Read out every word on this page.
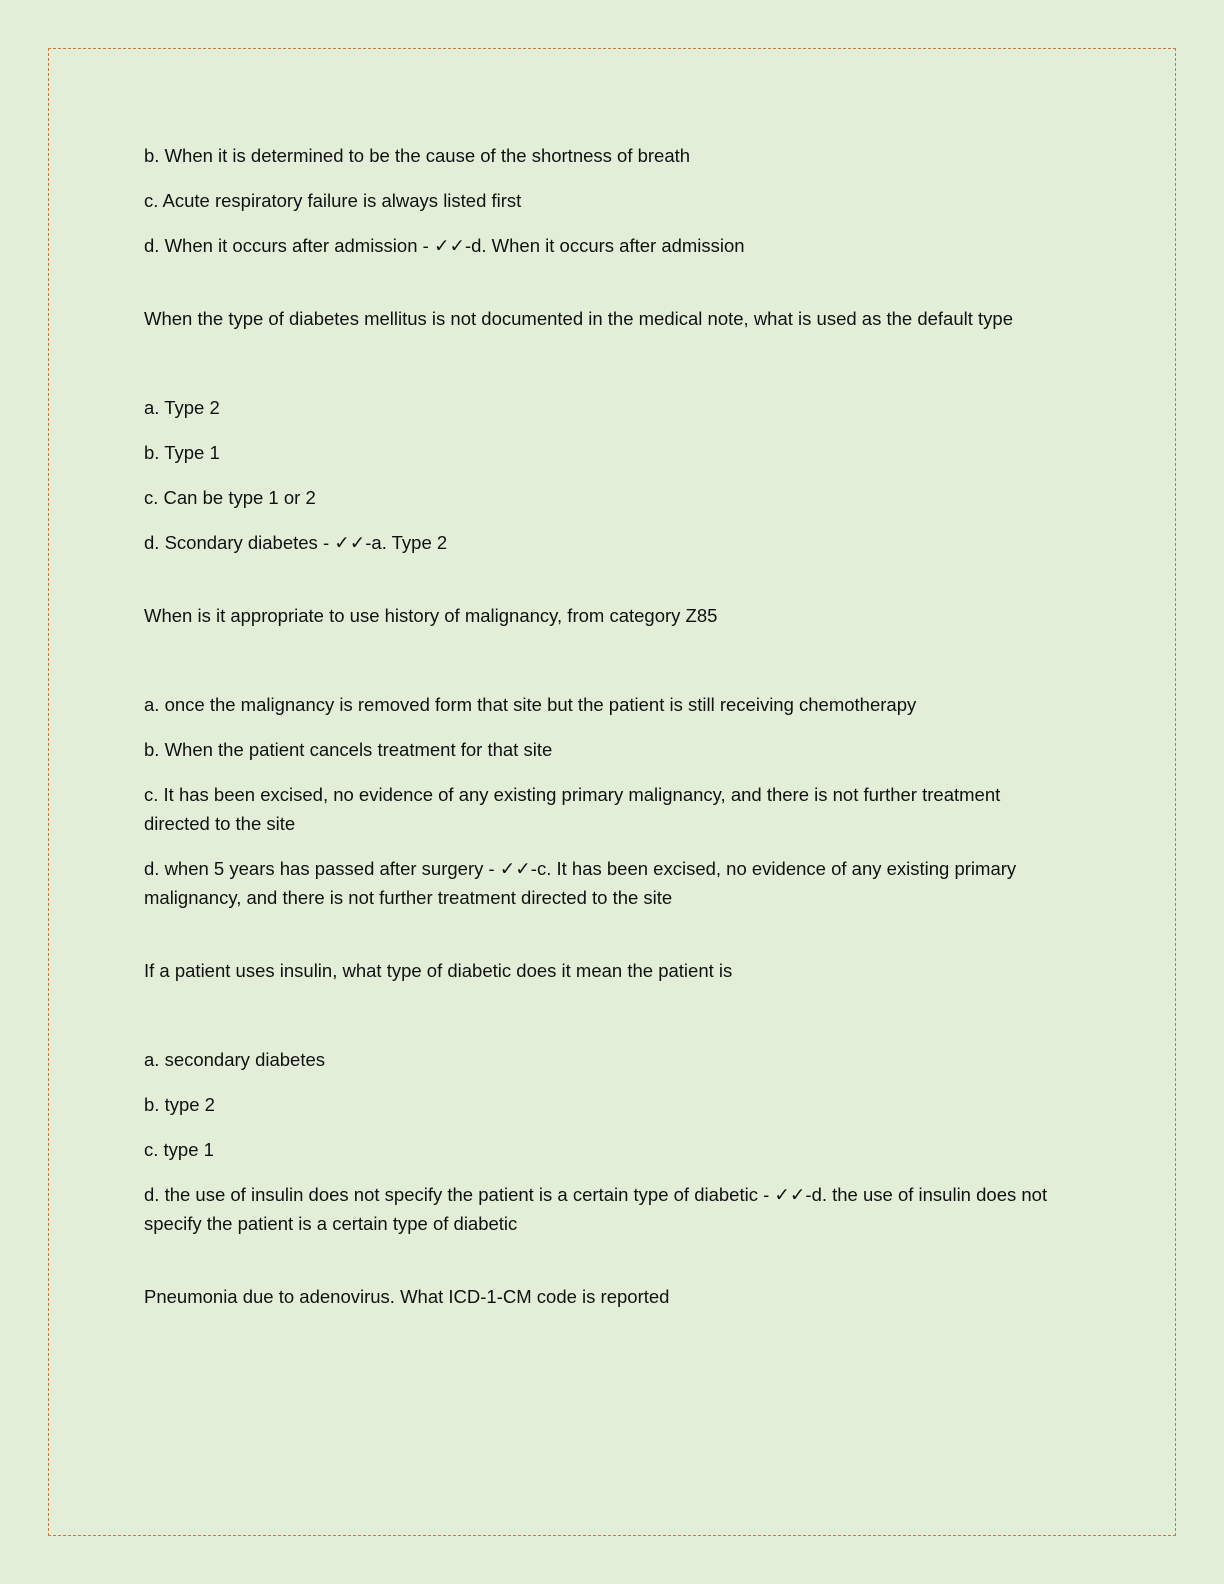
b. When it is determined to be the cause of the shortness of breath

c. Acute respiratory failure is always listed first

d. When it occurs after admission - ✓✓-d. When it occurs after admission

When the type of diabetes mellitus is not documented in the medical note, what is used as the default type

a. Type 2

b. Type 1

c. Can be type 1 or 2

d. Scondary diabetes - ✓✓-a. Type 2

When is it appropriate to use history of malignancy, from category Z85

a. once the malignancy is removed form that site but the patient is still receiving chemotherapy

b. When the patient cancels treatment for that site

c. It has been excised, no evidence of any existing primary malignancy, and there is not further treatment directed to the site

d. when 5 years has passed after surgery - ✓✓-c. It has been excised, no evidence of any existing primary malignancy, and there is not further treatment directed to the site

If a patient uses insulin, what type of diabetic does it mean the patient is

a. secondary diabetes

b. type 2

c. type 1

d. the use of insulin does not specify the patient is a certain type of diabetic - ✓✓-d. the use of insulin does not specify the patient is a certain type of diabetic

Pneumonia due to adenovirus. What ICD-1-CM code is reported
